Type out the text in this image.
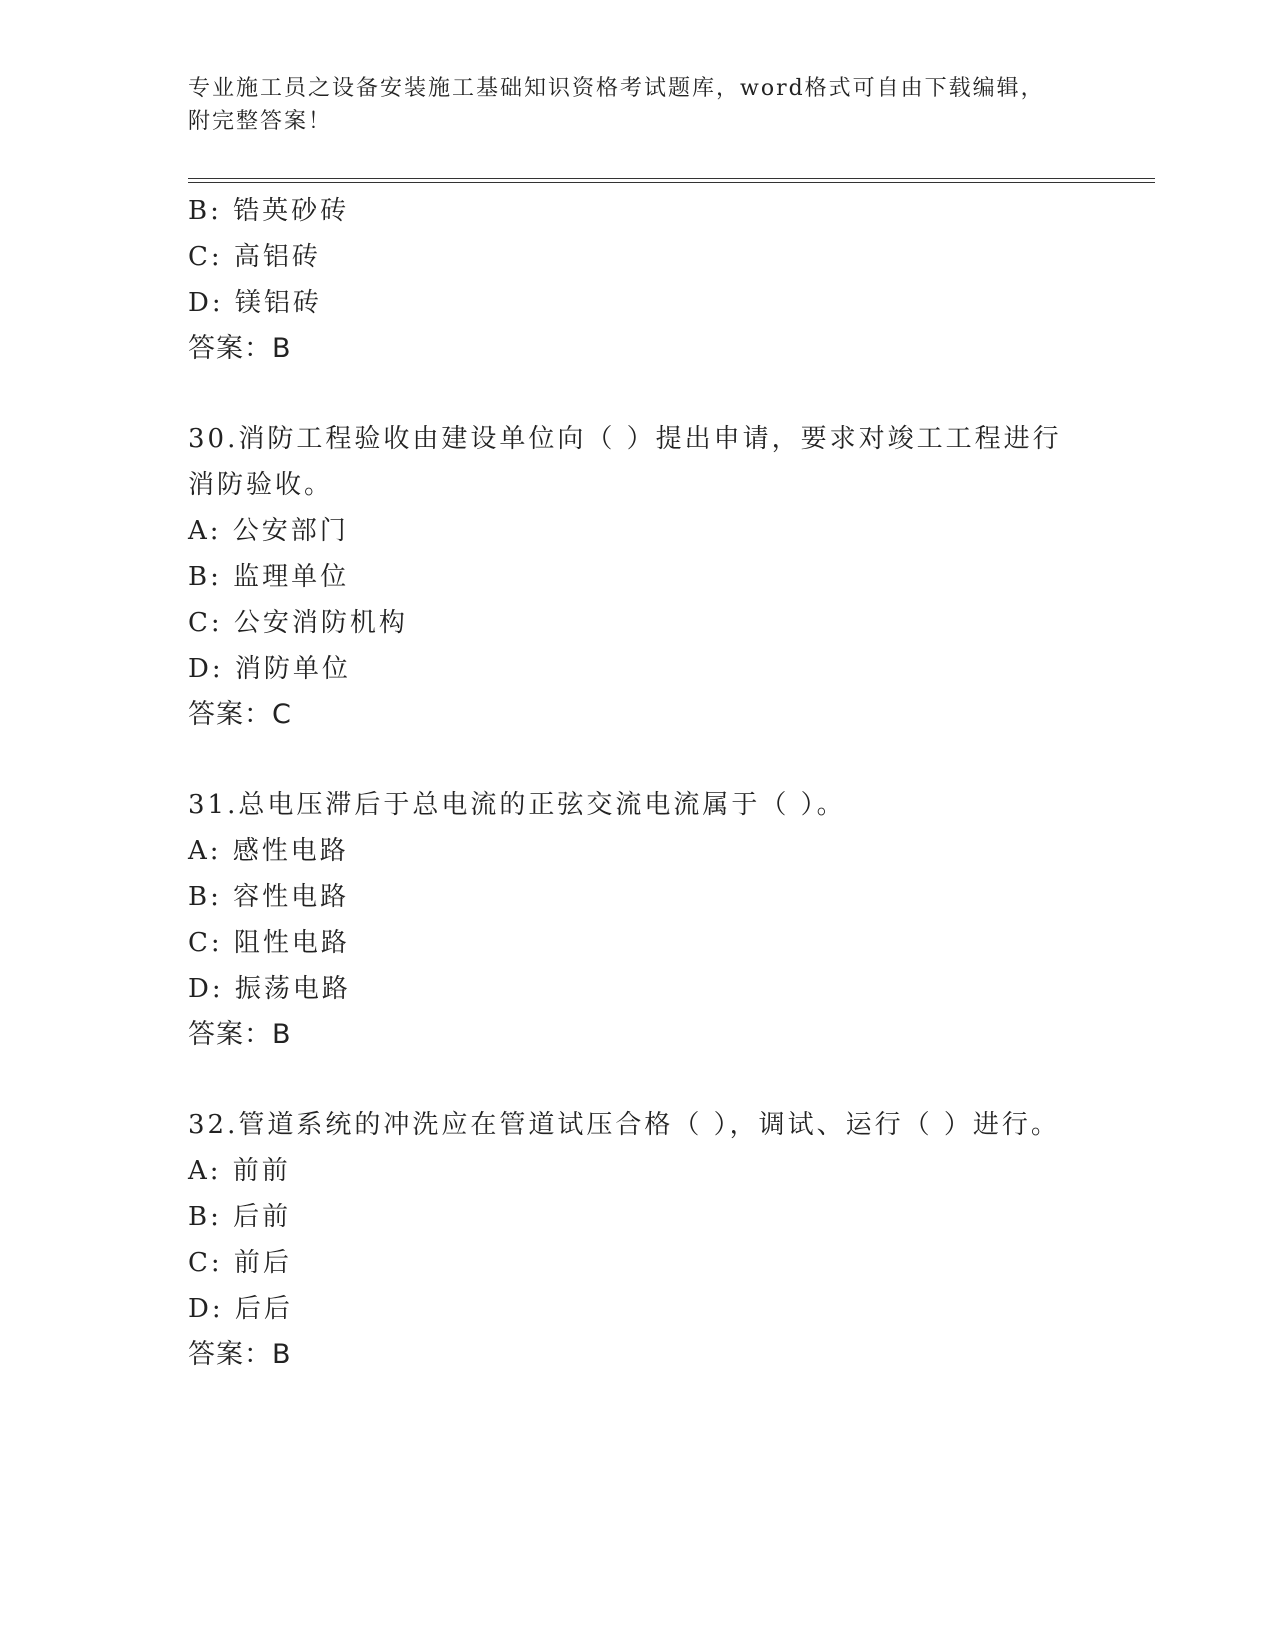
专业施工员之设备安装施工基础知识资格考试题库，word格式可自由下载编辑，附完整答案！
B: 锆英砂砖
C: 高铝砖
D: 镁铝砖
答案：B
30.消防工程验收由建设单位向（ ）提出申请，要求对竣工工程进行消防验收。
A: 公安部门
B: 监理单位
C: 公安消防机构
D: 消防单位
答案：C
31.总电压滞后于总电流的正弦交流电流属于（ ）。
A: 感性电路
B: 容性电路
C: 阻性电路
D: 振荡电路
答案：B
32.管道系统的冲洗应在管道试压合格（ ），调试、运行（ ）进行。
A: 前前
B: 后前
C: 前后
D: 后后
答案：B
